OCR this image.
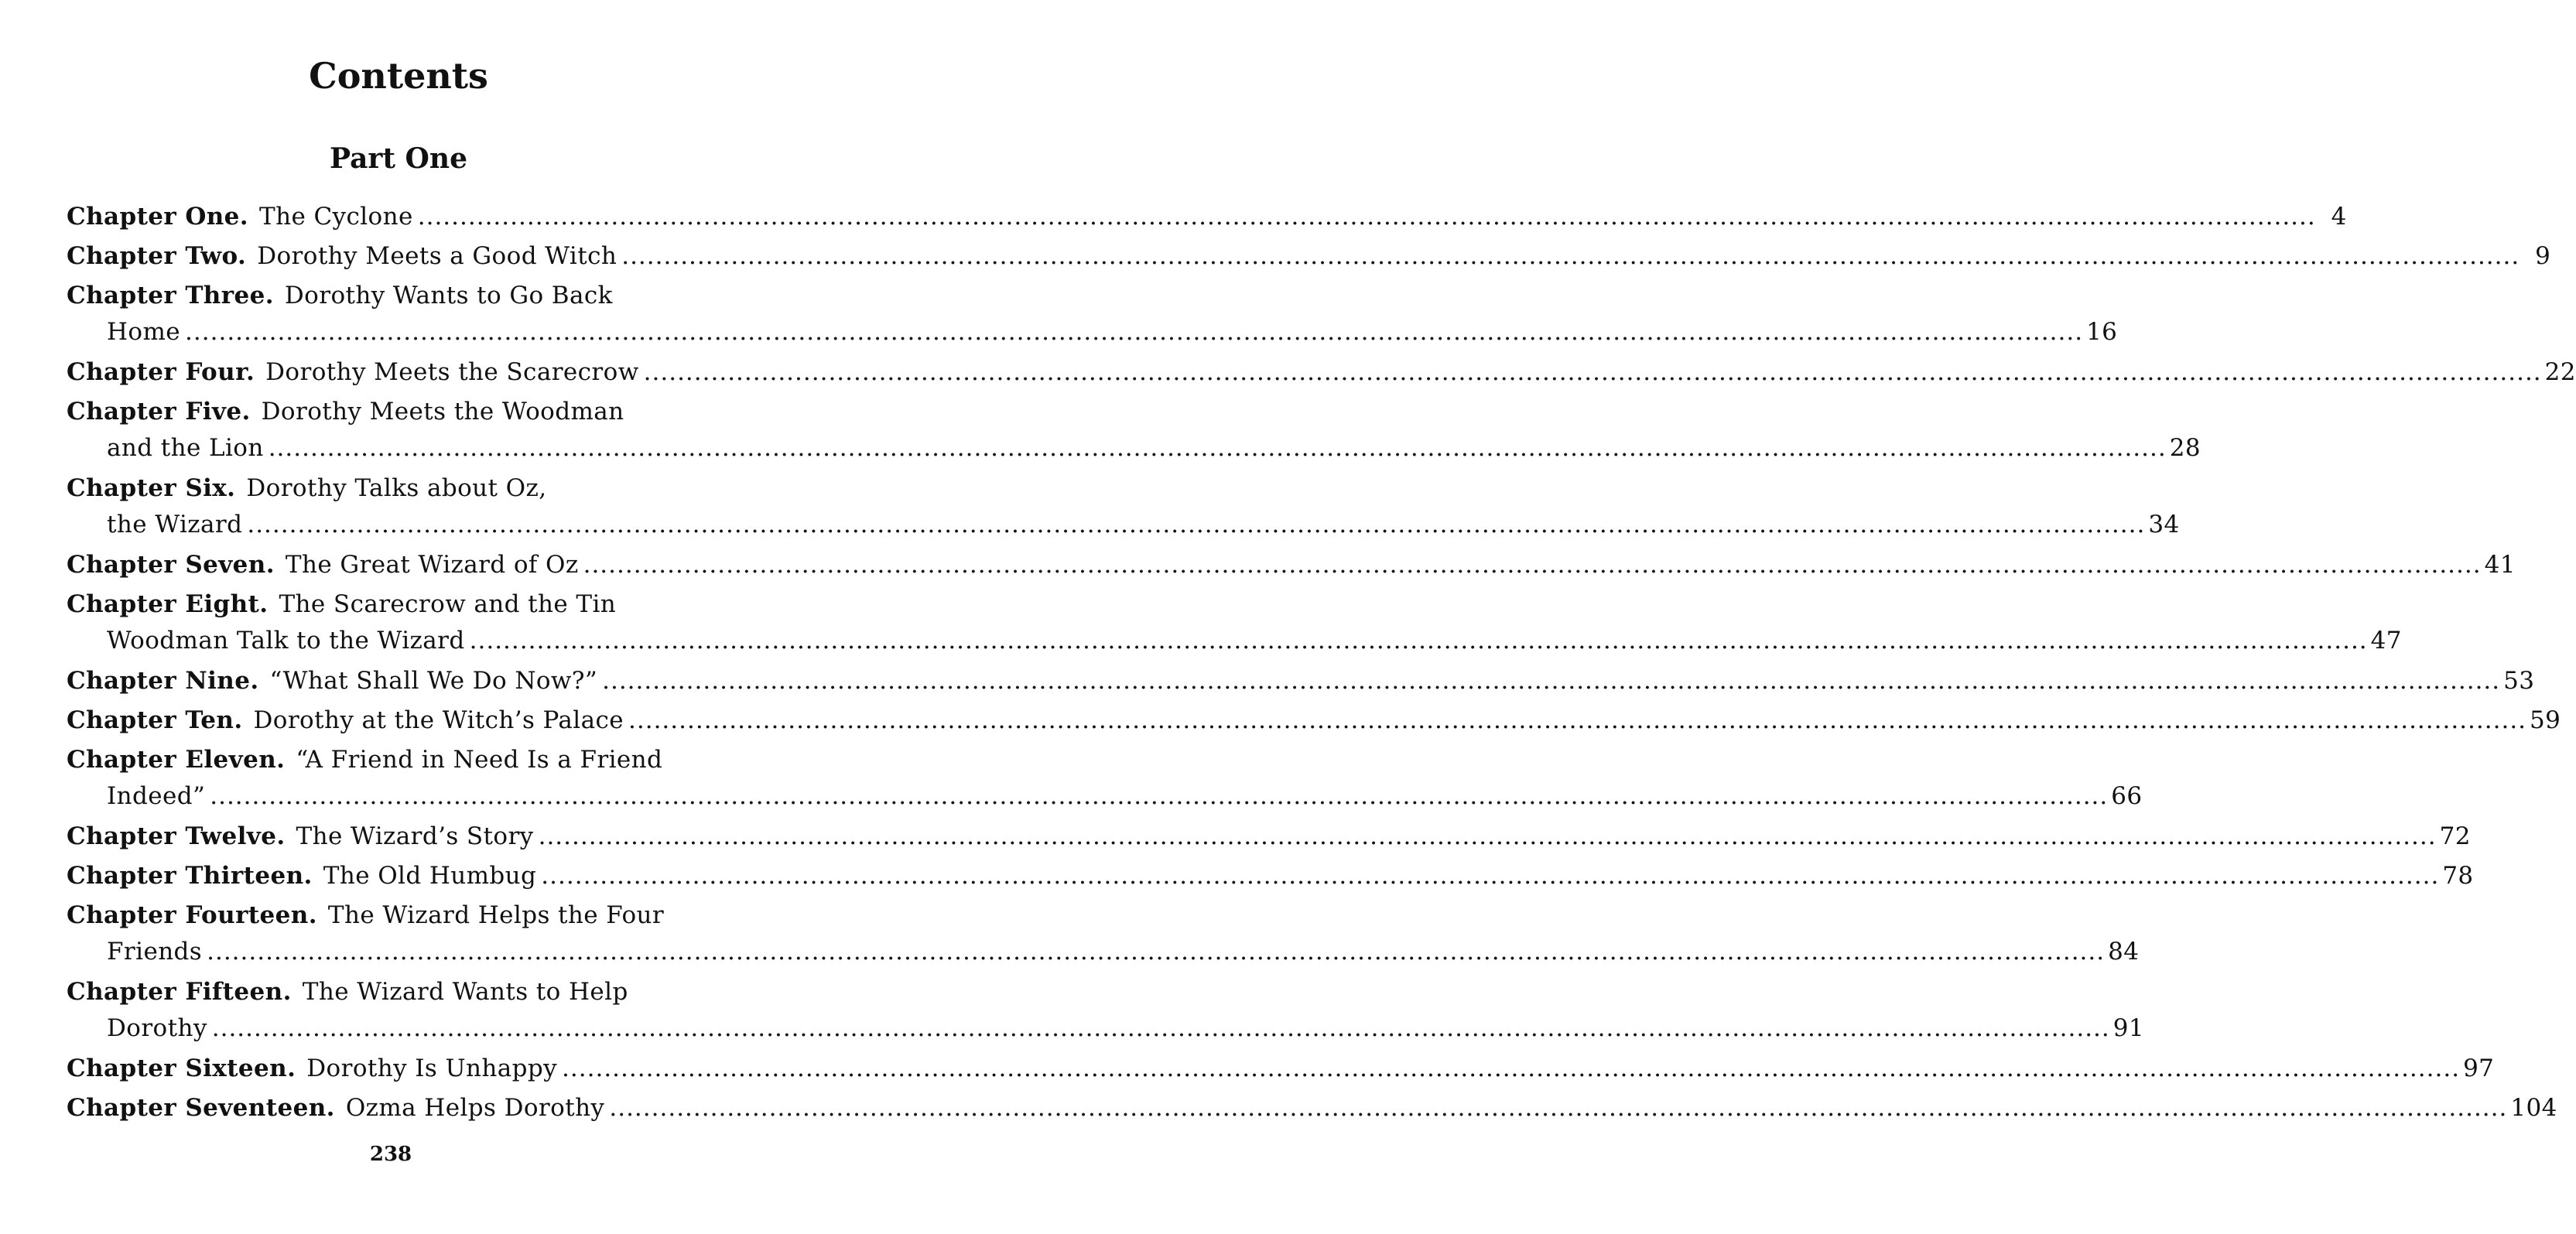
Contents
Part One
Chapter One. The Cyclone .....	4
Chapter Two. Dorothy Meets a Good Witch .....	9
Chapter Three. Dorothy Wants to Go Back
Home .....	16
Chapter Four. Dorothy Meets the Scarecrow .....	22
Chapter Five. Dorothy Meets the Woodman
and the Lion .....	28
Chapter Six. Dorothy Talks about Oz,
the Wizard .....	34
Chapter Seven. The Great Wizard of Oz .....	41
Chapter Eight. The Scarecrow and the Tin
Woodman Talk to the Wizard .....	47
Chapter Nine. “What Shall We Do Now?” .....	53
Chapter Ten. Dorothy at the Witch’s Palace .....	59
Chapter Eleven. “A Friend in Need Is a Friend
Indeed” .....	66
Chapter Twelve. The Wizard’s Story .....	72
Chapter Thirteen. The Old Humbug .....	78
Chapter Fourteen. The Wizard Helps the Four
Friends .....	84
Chapter Fifteen. The Wizard Wants to Help
Dorothy .....	91
Chapter Sixteen. Dorothy Is Unhappy .....	97
Chapter Seventeen. Ozma Helps Dorothy .....	104
238
